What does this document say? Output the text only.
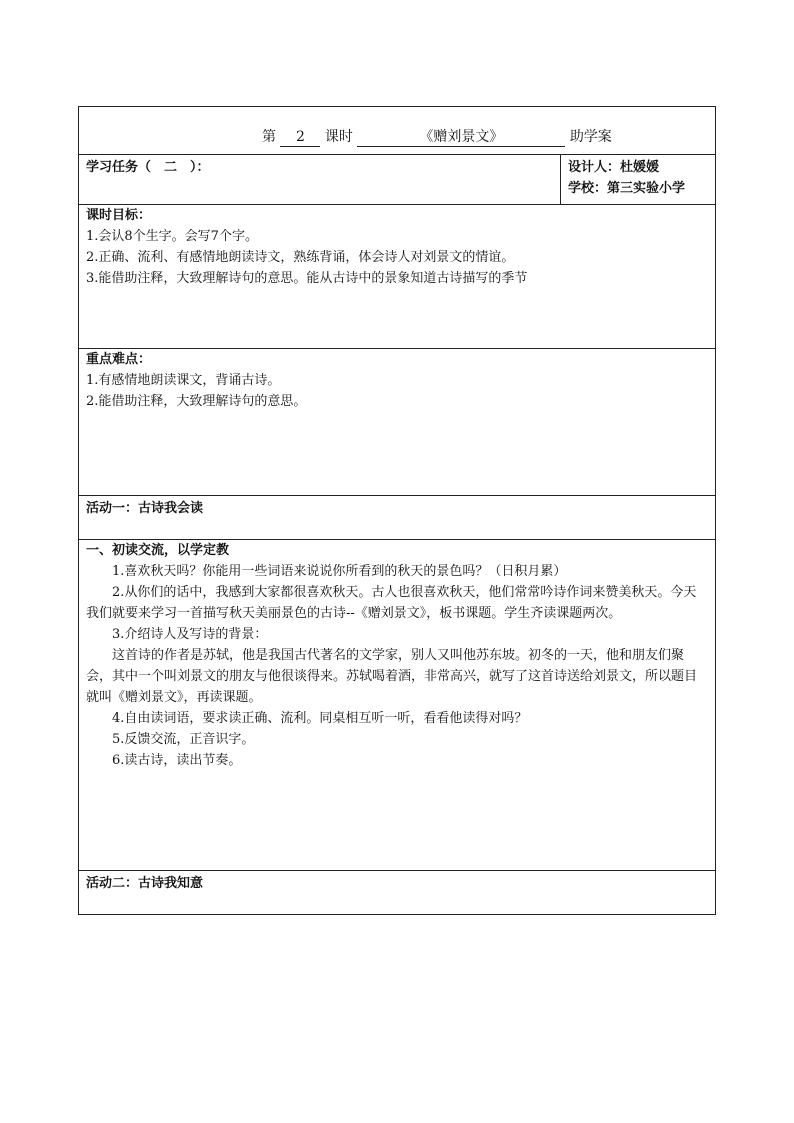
第 2 课时	《赠刘景文》	助学案

学习任务（　二　）：	设计人：杜媛媛

学校：第三实验小学

课时目标：

1.会认8个生字。会写7个字。

2.正确、流利、有感情地朗读诗文，熟练背诵，体会诗人对刘景文的情谊。

3.能借助注释，大致理解诗句的意思。能从古诗中的景象知道古诗描写的季节

重点难点：

1.有感情地朗读课文，背诵古诗。

2.能借助注释，大致理解诗句的意思。

活动一：古诗我会读

一、初读交流，以学定教

1.喜欢秋天吗？你能用一些词语来说说你所看到的秋天的景色吗？（日积月累）

2.从你们的话中，我感到大家都很喜欢秋天。古人也很喜欢秋天，他们常常吟诗作词来赞美秋天。今天我们就要来学习一首描写秋天美丽景色的古诗--《赠刘景文》，板书课题。学生齐读课题两次。

3.介绍诗人及写诗的背景：

这首诗的作者是苏轼，他是我国古代著名的文学家，别人又叫他苏东坡。初冬的一天，他和朋友们聚会，其中一个叫刘景文的朋友与他很谈得来。苏轼喝着酒，非常高兴，就写了这首诗送给刘景文，所以题目就叫《赠刘景文》，再读课题。

4.自由读词语，要求读正确、流利。同桌相互听一听，看看他读得对吗？

5.反馈交流，正音识字。

6.读古诗，读出节奏。

活动二：古诗我知意
